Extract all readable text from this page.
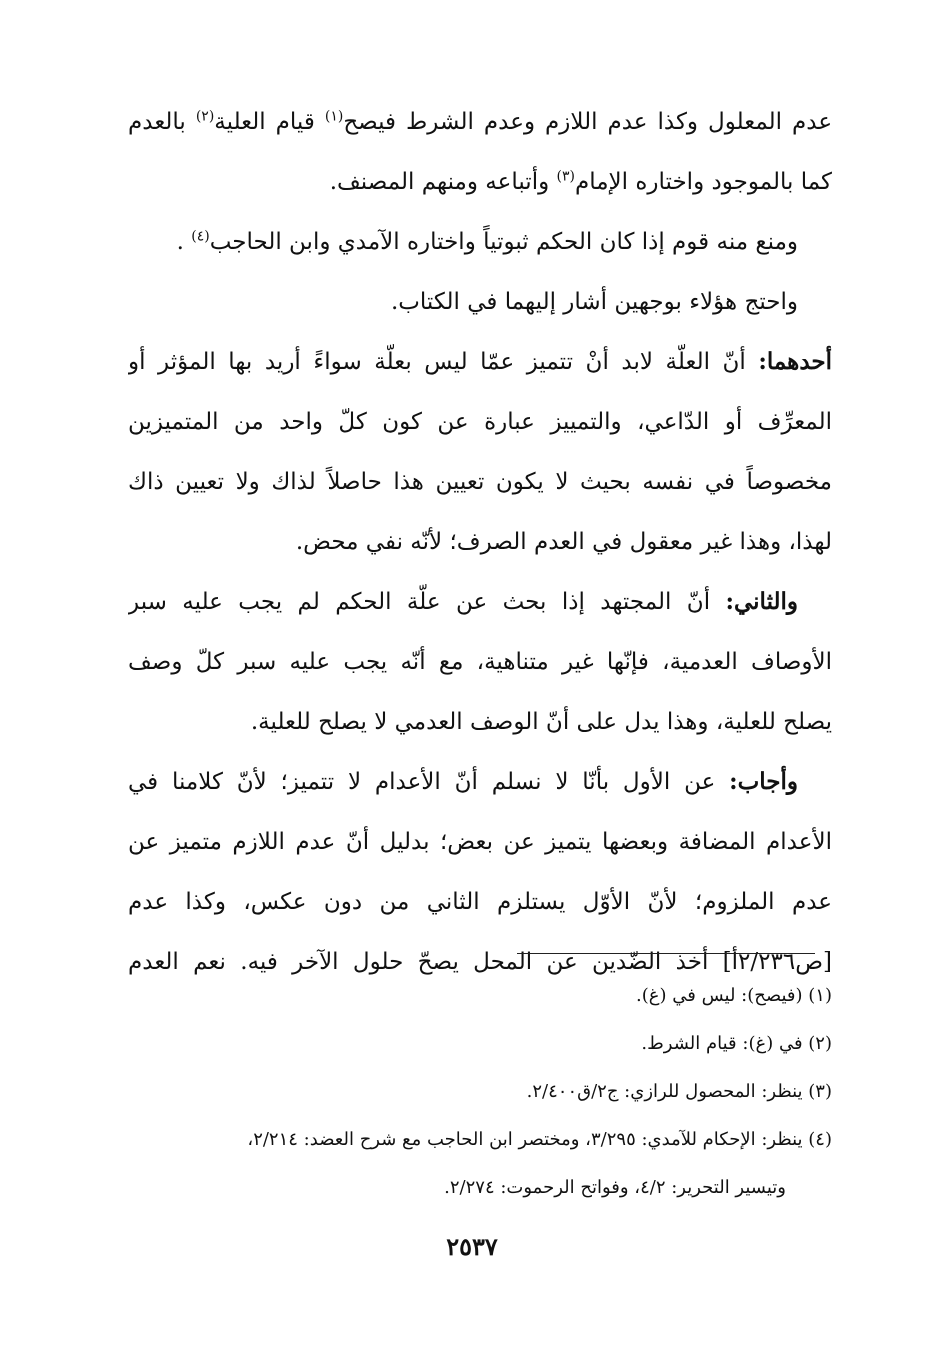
عدم المعلول وكذا عدم اللازم وعدم الشرط فيصح$^{(١)}$ قيام العلية$^{(٢)}$ بالعدم
كما بالموجود واختاره الإمام$^{(٣)}$ وأتباعه ومنهم المصنف.
ومنع منه قوم إذا كان الحكم ثبوتياً واختاره الآمدي وابن الحاجب$^{(٤)}$ .
واحتج هؤلاء بوجهين أشار إليهما في الكتاب.
أحدهما: أنّ العلّة لابد أنْ تتميز عمّا ليس بعلّة سواءً أريد بها المؤثر أو
المعرِّف أو الدّاعي، والتمييز عبارة عن كون كلّ واحد من المتميزين
مخصوصاً في نفسه بحيث لا يكون تعيين هذا حاصلاً لذاك ولا تعيين ذاك
لهذا، وهذا غير معقول في العدم الصرف؛ لأنّه نفي محض.
والثاني: أنّ المجتهد إذا بحث عن علّة الحكم لم يجب عليه سبر
الأوصاف العدمية، فإنّها غير متناهية، مع أنّه يجب عليه سبر كلّ وصف
يصلح للعلية، وهذا يدل على أنّ الوصف العدمي لا يصلح للعلية.
وأجاب: عن الأول بأنّا لا نسلم أنّ الأعدام لا تتميز؛ لأنّ كلامنا في
الأعدام المضافة وبعضها يتميز عن بعض؛ بدليل أنّ عدم اللازم متميز عن
عدم الملزوم؛ لأنّ الأوّل يستلزم الثاني من دون عكس، وكذا عدم
[ص٢/٢٣٦أ] أخذ الضّدين عن المحل يصحّ حلول الآخر فيه. نعم العدم
(١) (فيصح): ليس في (غ).
(٢) في (غ): قيام الشرط.
(٣) ينظر: المحصول للرازي: ج٢/ق٢/٤٠٠.
(٤) ينظر: الإحكام للآمدي: ٣/٢٩٥، ومختصر ابن الحاجب مع شرح العضد: ٢/٢١٤،
وتيسير التحرير: ٤/٢، وفواتح الرحموت: ٢/٢٧٤.
٢٥٣٧
